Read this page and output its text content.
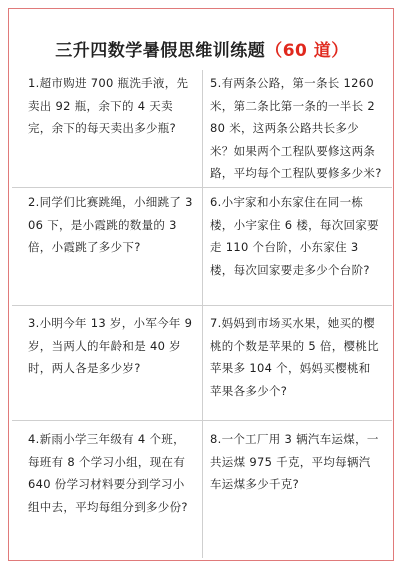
三升四数学暑假思维训练题（60 道）
1.超市购进 700 瓶洗手液，先卖出 92 瓶，余下的 4 天卖完，余下的每天卖出多少瓶?
5.有两条公路，第一条长 1260 米，第二条比第一条的一半长 280 米，这两条公路共长多少米？如果两个工程队要修这两条路，平均每个工程队要修多少米?
2.同学们比赛跳绳，小细跳了 306 下，是小霞跳的数量的 3 倍，小霞跳了多少下?
6.小宇家和小东家住在同一栋楼，小宇家住 6 楼，每次回家要走 110 个台阶，小东家住 3 楼，每次回家要走多少个台阶?
3.小明今年 13 岁，小军今年 9 岁，当两人的年龄和是 40 岁时，两人各是多少岁?
7.妈妈到市场买水果，她买的樱桃的个数是苹果的 5 倍，樱桃比苹果多 104 个，妈妈买樱桃和苹果各多少个?
4.新雨小学三年级有 4 个班，每班有 8 个学习小组，现在有 640 份学习材料要分到学习小组中去，平均每组分到多少份?
8.一个工厂用 3 辆汽车运煤，一共运煤 975 千克，平均每辆汽车运煤多少千克?
